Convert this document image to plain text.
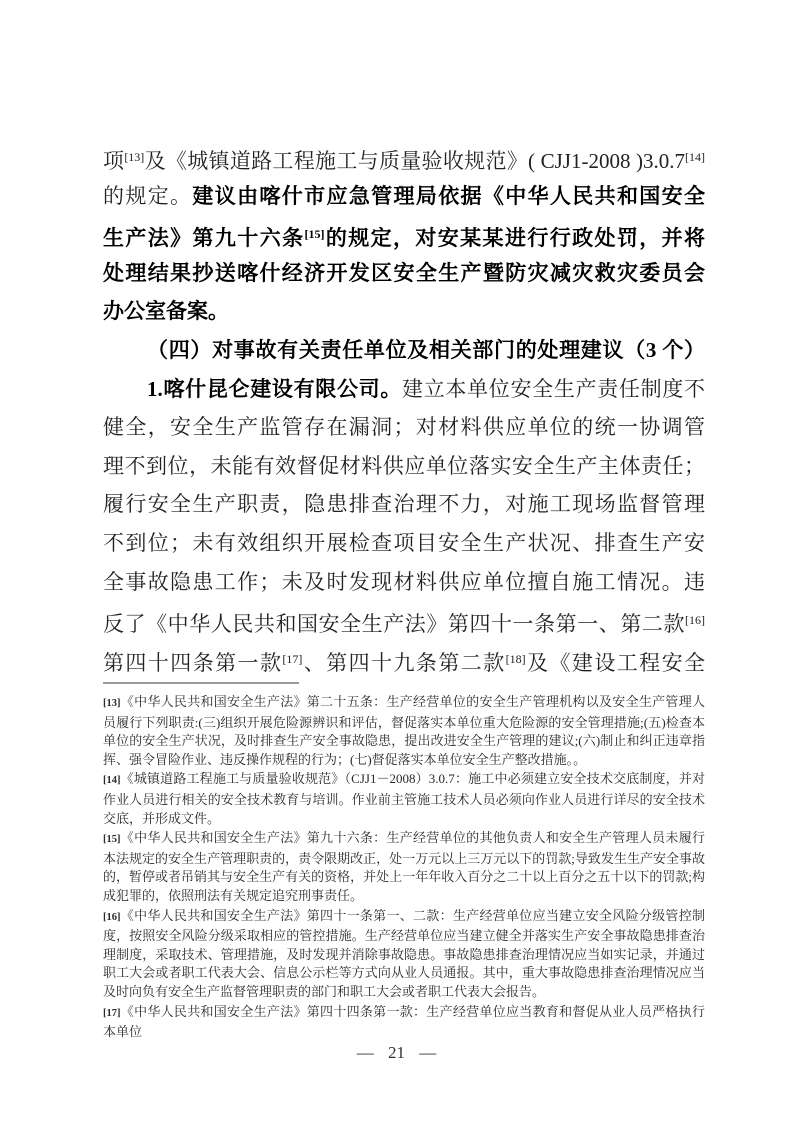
项[13]及《城镇道路工程施工与质量验收规范》( CJJ1-2008 )3.0.7[14]
的规定。建议由喀什市应急管理局依据《中华人民共和国安全
生产法》第九十六条[15]的规定，对安某某进行行政处罚，并将
处理结果抄送喀什经济开发区安全生产暨防灾减灾救灾委员会
办公室备案。
（四）对事故有关责任单位及相关部门的处理建议（3 个）
1.喀什昆仑建设有限公司。建立本单位安全生产责任制度不
健全，安全生产监管存在漏洞；对材料供应单位的统一协调管
理不到位，未能有效督促材料供应单位落实安全生产主体责任；
履行安全生产职责，隐患排查治理不力，对施工现场监督管理
不到位；未有效组织开展检查项目安全生产状况、排查生产安
全事故隐患工作；未及时发现材料供应单位擅自施工情况。违
反了《中华人民共和国安全生产法》第四十一条第一、第二款[16]
第四十四条第一款[17]、第四十九条第二款[18]及《建设工程安全
[13]《中华人民共和国安全生产法》第二十五条：生产经营单位的安全生产管理机构以及安全生产管理人员履行下列职责:(三)组织开展危险源辨识和评估，督促落实本单位重大危险源的安全管理措施;(五)检查本单位的安全生产状况，及时排查生产安全事故隐患，提出改进安全生产管理的建议;(六)制止和纠正违章指挥、强令冒险作业、违反操作规程的行为；(七)督促落实本单位安全生产整改措施。。
[14]《城镇道路工程施工与质量验收规范》（CJJ1－2008）3.0.7：施工中必须建立安全技术交底制度，并对作业人员进行相关的安全技术教育与培训。作业前主管施工技术人员必须向作业人员进行详尽的安全技术交底，并形成文件。
[15]《中华人民共和国安全生产法》第九十六条：生产经营单位的其他负责人和安全生产管理人员未履行本法规定的安全生产管理职责的，责令限期改正，处一万元以上三万元以下的罚款;导致发生生产安全事故的，暂停或者吊销其与安全生产有关的资格，并处上一年年收入百分之二十以上百分之五十以下的罚款;构成犯罪的，依照刑法有关规定追究刑事责任。
[16]《中华人民共和国安全生产法》第四十一条第一、二款：生产经营单位应当建立安全风险分级管控制度，按照安全风险分级采取相应的管控措施。生产经营单位应当建立健全并落实生产安全事故隐患排查治理制度，采取技术、管理措施，及时发现并消除事故隐患。事故隐患排查治理情况应当如实记录，并通过职工大会或者职工代表大会、信息公示栏等方式向从业人员通报。其中，重大事故隐患排查治理情况应当及时向负有安全生产监督管理职责的部门和职工大会或者职工代表大会报告。
[17]《中华人民共和国安全生产法》第四十四条第一款：生产经营单位应当教育和督促从业人员严格执行本单位
— 21 —
